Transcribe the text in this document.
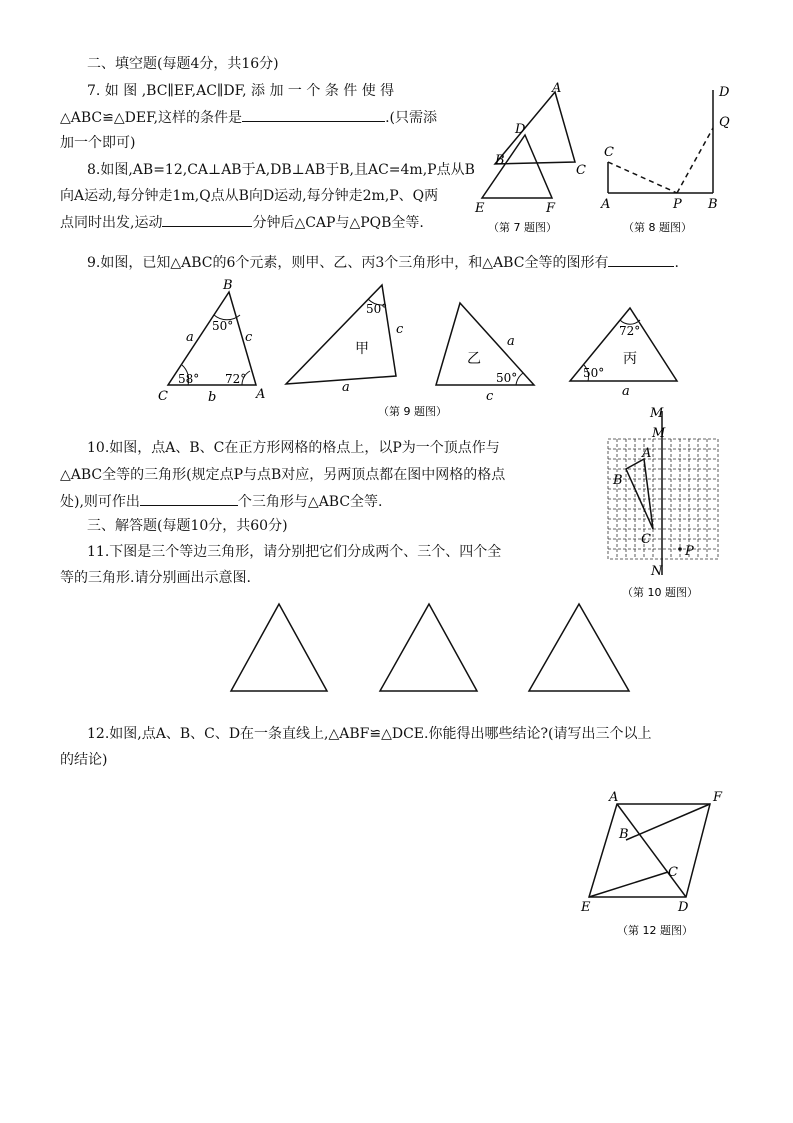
二、填空题(每题4分，共16分)
7. 如 图 ,BC∥EF,AC∥DF, 添 加 一 个 条 件 使 得
△ABC≌△DEF,这样的条件是	.(只需添
加一个即可)
8.如图,AB=12,CA⊥AB于A,DB⊥AB于B,且AC=4m,P点从B
向A运动,每分钟走1m,Q点从B向D运动,每分钟走2m,P、Q两
点同时出发,运动	分钟后△CAP与△PQB全等.
9.如图，已知△ABC的6个元素，则甲、乙、丙3个三角形中，和△ABC全等的图形有	.
10.如图，点A、B、C在正方形网格的格点上，以P为一个顶点作与
△ABC全等的三角形(规定点P与点B对应，另两顶点都在图中网格的格点
处),则可作出	个三角形与△ABC全等.
三、解答题(每题10分，共60分)
11.下图是三个等边三角形，请分别把它们分成两个、三个、四个全
等的三角形.请分别画出示意图.
12.如图,点A、B、C、D在一条直线上,△ABF≌△DCE.你能得出哪些结论?(请写出三个以上
的结论)
A
D
B
C
E	F
（第 7 题图）
C
A	P B
D
Q
（第 8 题图）
B
C	A
a
b
c
50°
58° 72°
50°
甲
c
a
乙
a
50°
c
72°
丙
50°
a
（第 9 题图）	M
M
A
B
C
P
N
（第 10 题图）
A	F
B
C
E	D
（第 12 题图）
